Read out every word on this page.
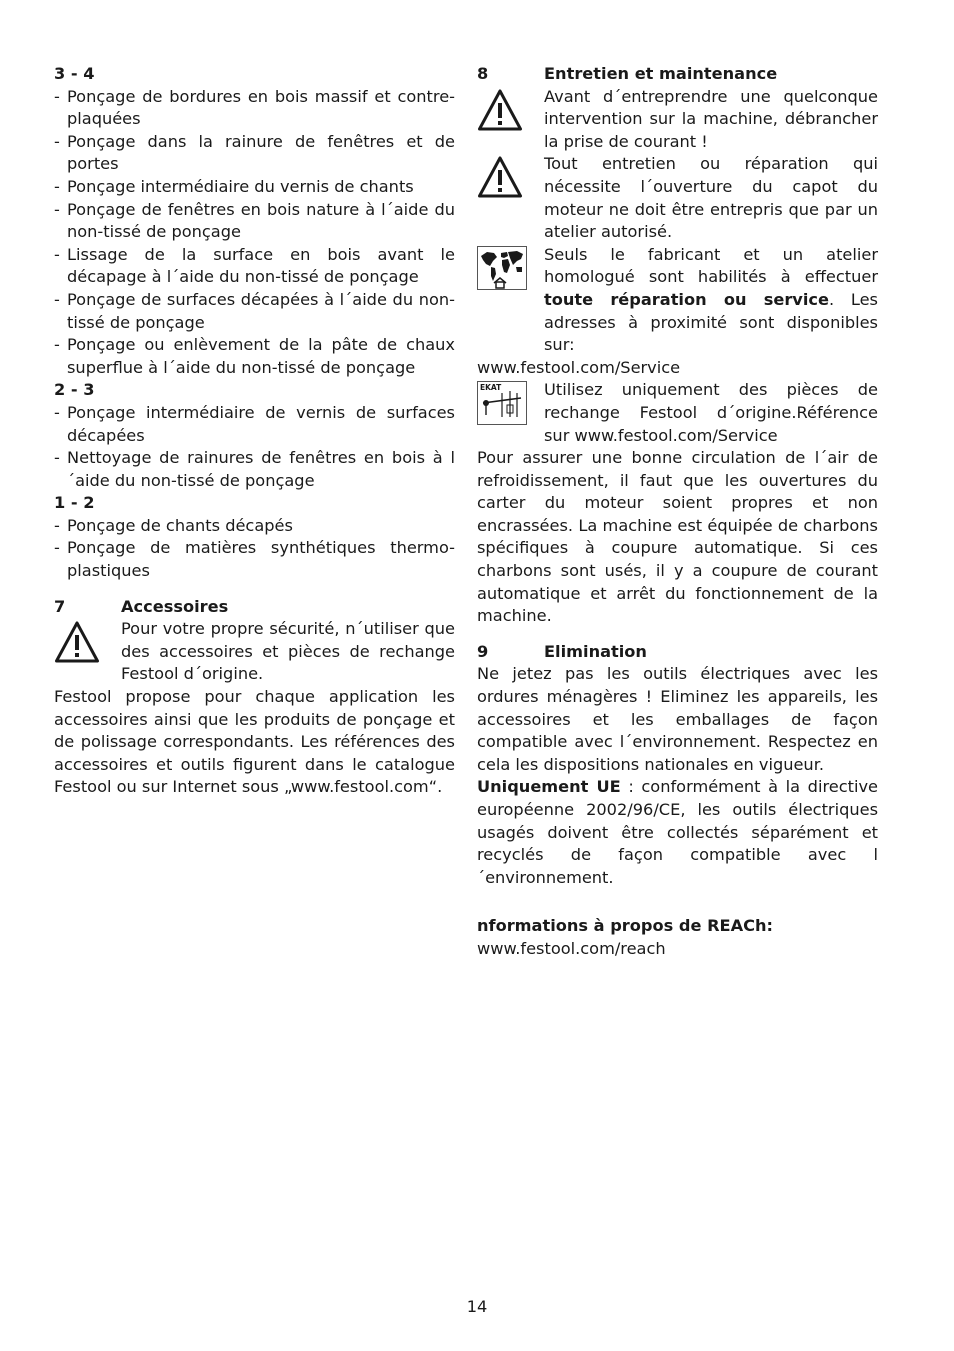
3 - 4
- Ponçage de bordures en bois massif et contre-plaquées
- Ponçage dans la rainure de fenêtres et de portes
- Ponçage intermédiaire du vernis de chants
- Ponçage de fenêtres en bois nature à l´aide du non-tissé de ponçage
- Lissage de la surface en bois avant le décapage à l´aide du non-tissé de ponçage
- Ponçage de surfaces décapées à l´aide du non-tissé de ponçage
- Ponçage ou enlèvement de la pâte de chaux superflue à l´aide du non-tissé de ponçage
2 - 3
- Ponçage intermédiaire de vernis de surfaces décapées
- Nettoyage de rainures de fenêtres en bois à l´aide du non-tissé de ponçage
1 - 2
- Ponçage de chants décapés
- Ponçage de matières synthétiques thermo-plastiques
7	Accessoires
Pour votre propre sécurité, n´utiliser que des accessoires et pièces de rechange Festool d´origine.
Festool propose pour chaque application les accessoires ainsi que les produits de ponçage et de polissage correspondants. Les références des accessoires et outils figurent dans le catalogue Festool ou sur Internet sous „www.festool.com“.
8	Entretien et maintenance
Avant d´entreprendre une quelconque intervention sur la machine, débrancher la prise de courant !
Tout entretien ou réparation qui nécessite l´ouverture du capot du moteur ne doit être entrepris que par un atelier autorisé.
Seuls le fabricant et un atelier homologué sont habilités à effectuer toute réparation ou service. Les adresses à proximité sont disponibles sur:
www.festool.com/Service
EKAT	Utilisez uniquement des pièces de rechange Festool d´origine.Référence sur www.festool.com/Service
Pour assurer une bonne circulation de l´air de refroidissement, il faut que les ouvertures du carter du moteur soient propres et non encrassées. La machine est équipée de charbons spécifiques à coupure automatique. Si ces charbons sont usés, il y a coupure de courant automatique et arrêt du fonctionnement de la machine.
9	Elimination
Ne jetez pas les outils électriques avec les ordures ménagères ! Eliminez les appareils, les accessoires et les emballages de façon compatible avec l´environnement. Respectez en cela les dispositions nationales en vigueur.
Uniquement UE : conformément à la directive européenne 2002/96/CE, les outils électriques usagés doivent être collectés séparément et recyclés de façon compatible avec l´environnement.
nformations à propos de REACh:
www.festool.com/reach
14
